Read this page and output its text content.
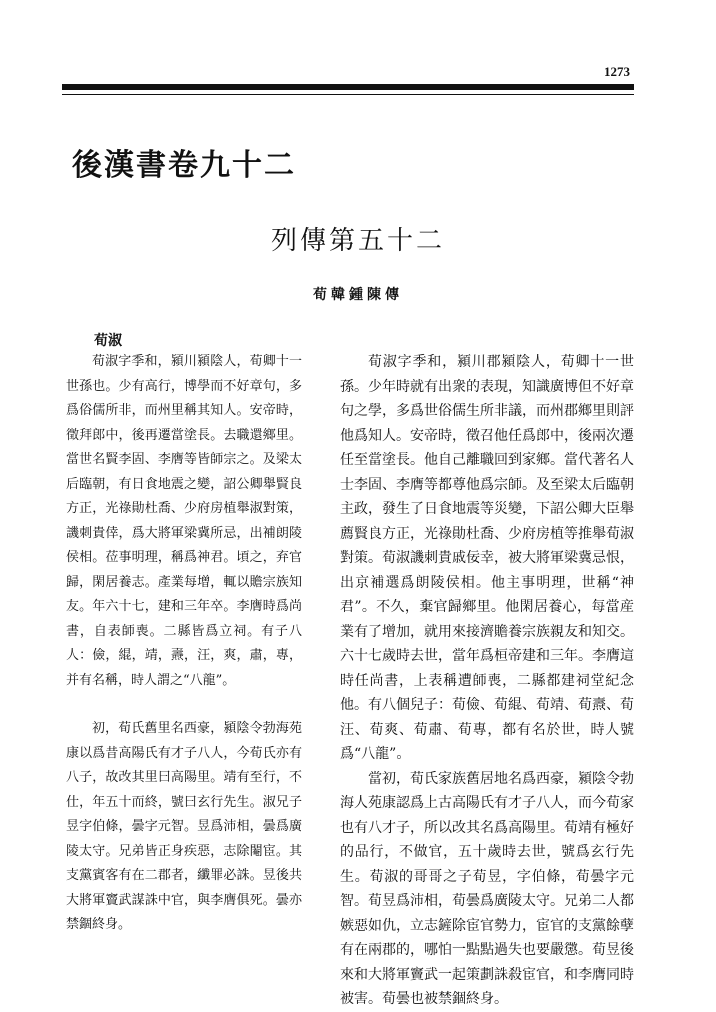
1273
後漢書卷九十二
列傳第五十二
荀韓鍾陳傳
荀淑

荀淑字季和，潁川潁陰人，荀卿十一世孫也。少有高行，博學而不好章句，多爲俗儒所非，而州里稱其知人。安帝時，徵拜郎中，後再遷當塗長。去職還鄉里。當世名賢李固、李膺等皆師宗之。及梁太后臨朝，有日食地震之變，詔公卿舉賢良方正，光祿勛杜喬、少府房植舉淑對策，譏刺貴倖，爲大將軍梁冀所忌，出補朗陵侯相。莅事明理，稱爲神君。頃之，弃官歸，閑居養志。產業每增，輒以贍宗族知友。年六十七，建和三年卒。李膺時爲尚書，自表師喪。二縣皆爲立祠。有子八人：儉，緄，靖，燾，汪，爽，肅，專，并有名稱，時人謂之“八龍”。

初，荀氏舊里名西豪，潁陰令勃海苑康以爲昔高陽氏有才子八人，今荀氏亦有八子，故改其里曰高陽里。靖有至行，不仕，年五十而終，號曰玄行先生。淑兄子昱字伯條，曇字元智。昱爲沛相，曇爲廣陵太守。兄弟皆正身疾惡，志除閹宦。其支黨賓客有在二郡者，纖罪必誅。昱後共大將軍竇武謀誅中官，與李膺俱死。曇亦禁錮終身。

荀淑字季和，潁川郡潁陰人，荀卿十一世孫。少年時就有出衆的表現，知識廣博但不好章句之學，多爲世俗儒生所非議，而州郡鄉里則評他爲知人。安帝時，徵召他任爲郎中，後兩次遷任至當塗長。他自己離職回到家鄉。當代著名人士李固、李膺等都尊他爲宗師。及至梁太后臨朝主政，發生了日食地震等災變，下詔公卿大臣舉薦賢良方正，光祿勛杜喬、少府房植等推舉荀淑對策。荀淑譏刺貴戚佞幸，被大將軍梁冀忌恨，出京補選爲朗陵侯相。他主事明理，世稱“神君”。不久，棄官歸鄉里。他閑居養心，每當産業有了增加，就用來接濟贍養宗族親友和知交。六十七歲時去世，當年爲桓帝建和三年。李膺這時任尚書，上表稱遭師喪，二縣都建祠堂紀念他。有八個兒子：荀儉、荀緄、荀靖、荀燾、荀汪、荀爽、荀肅、荀專，都有名於世，時人號爲“八龍”。

當初，荀氏家族舊居地名爲西豪，潁陰令勃海人苑康認爲上古高陽氏有才子八人，而今荀家也有八才子，所以改其名爲高陽里。荀靖有極好的品行，不做官，五十歲時去世，號爲玄行先生。荀淑的哥哥之子荀昱，字伯條，荀曇字元智。荀昱爲沛相，荀曇爲廣陵太守。兄弟二人都嫉惡如仇，立志鏟除宦官勢力，宦官的支黨餘孽有在兩郡的，哪怕一點點過失也要嚴懲。荀昱後來和大將軍竇武一起策劃誅殺宦官，和李膺同時被害。荀曇也被禁錮終身。
